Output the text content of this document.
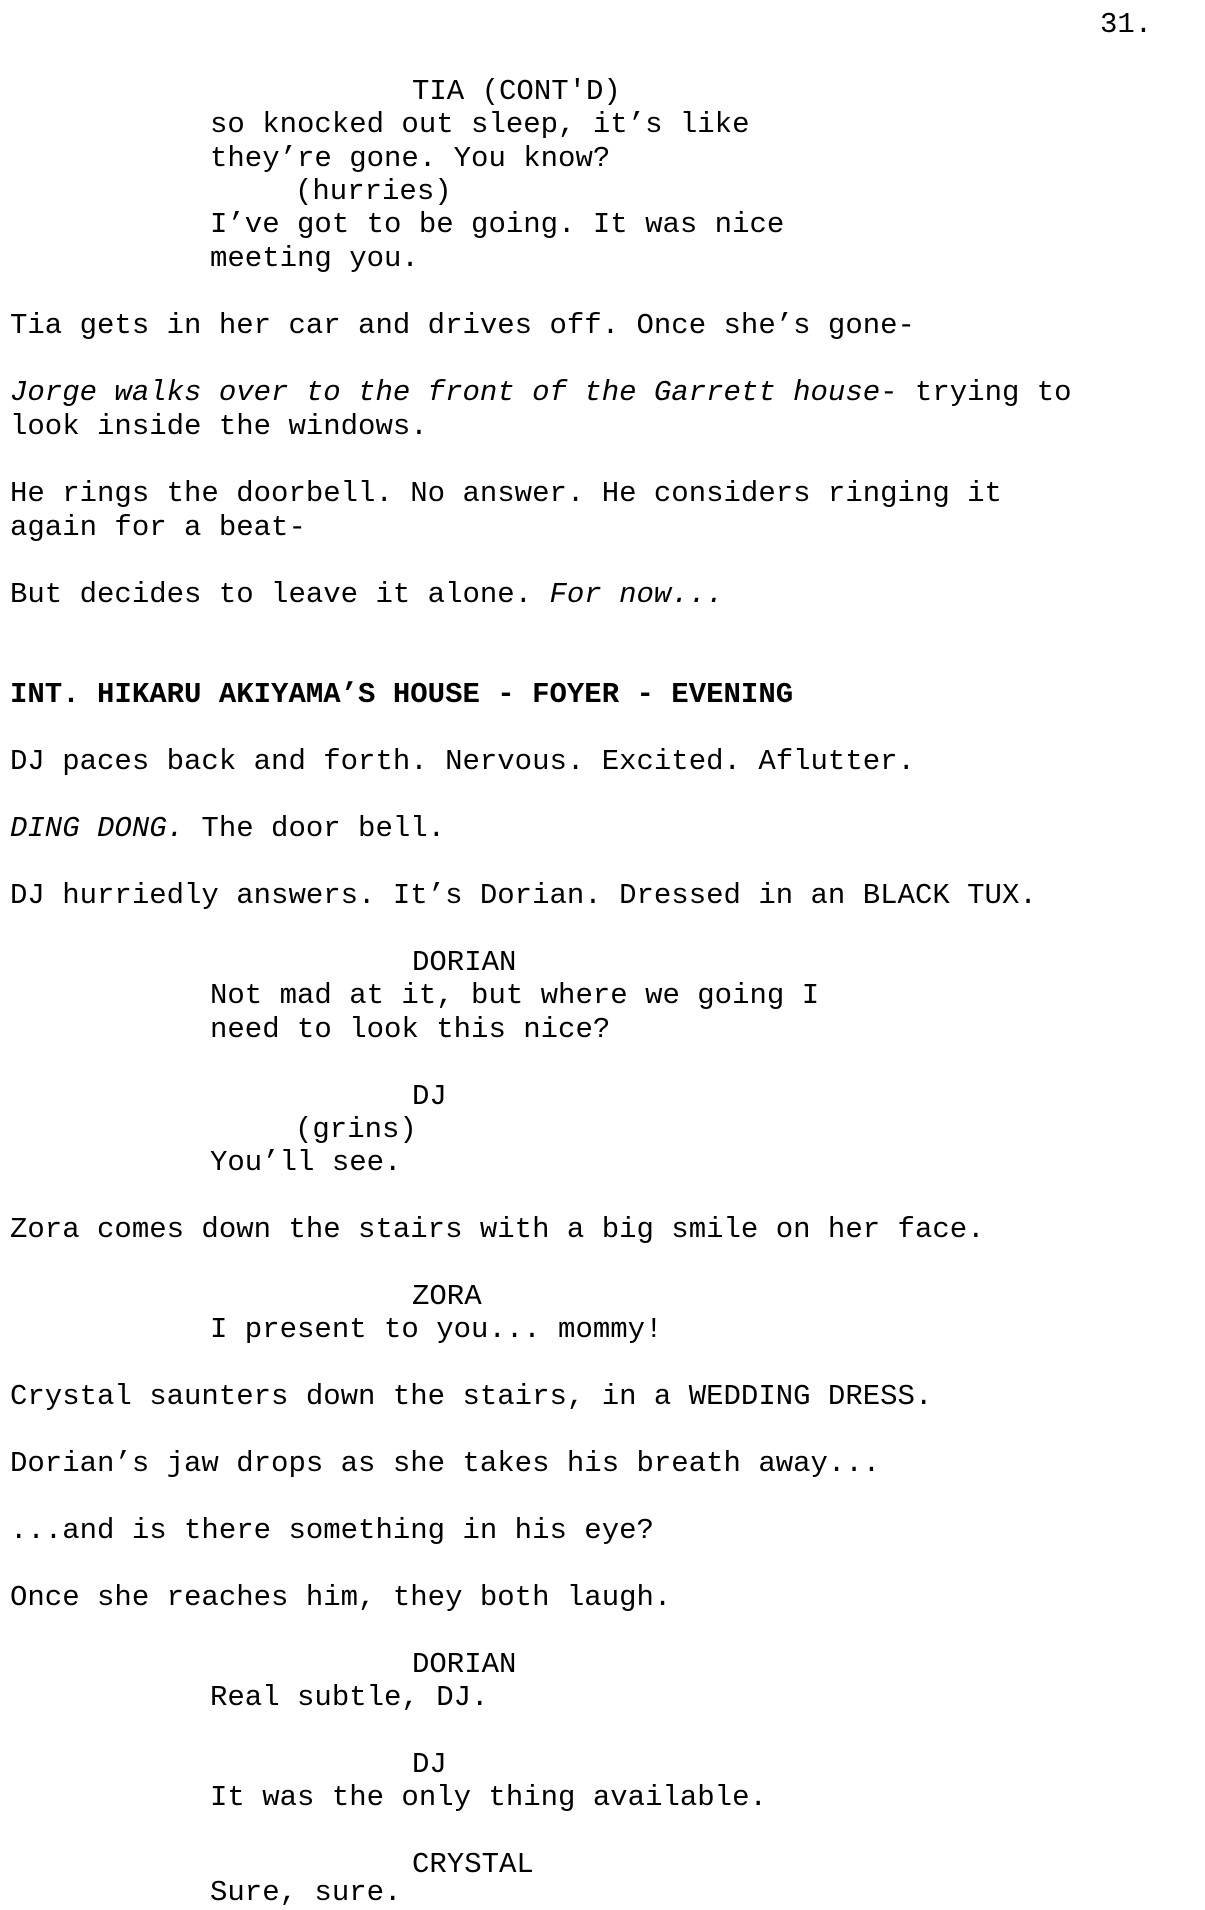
31.
TIA (CONT'D)
so knocked out sleep, it’s like
they’re gone. You know?
(hurries)
I’ve got to be going. It was nice
meeting you.
Tia gets in her car and drives off. Once she’s gone-
Jorge walks over to the front of the Garrett house- trying to
look inside the windows.
He rings the doorbell. No answer. He considers ringing it
again for a beat-
But decides to leave it alone. For now...
INT. HIKARU AKIYAMA’S HOUSE - FOYER - EVENING
DJ paces back and forth. Nervous. Excited. Aflutter.
DING DONG. The door bell.
DJ hurriedly answers. It’s Dorian. Dressed in an BLACK TUX.
DORIAN
Not mad at it, but where we going I
need to look this nice?
DJ
(grins)
You’ll see.
Zora comes down the stairs with a big smile on her face.
ZORA
I present to you... mommy!
Crystal saunters down the stairs, in a WEDDING DRESS.
Dorian’s jaw drops as she takes his breath away...
...and is there something in his eye?
Once she reaches him, they both laugh.
DORIAN
Real subtle, DJ.
DJ
It was the only thing available.
CRYSTAL
Sure, sure.
